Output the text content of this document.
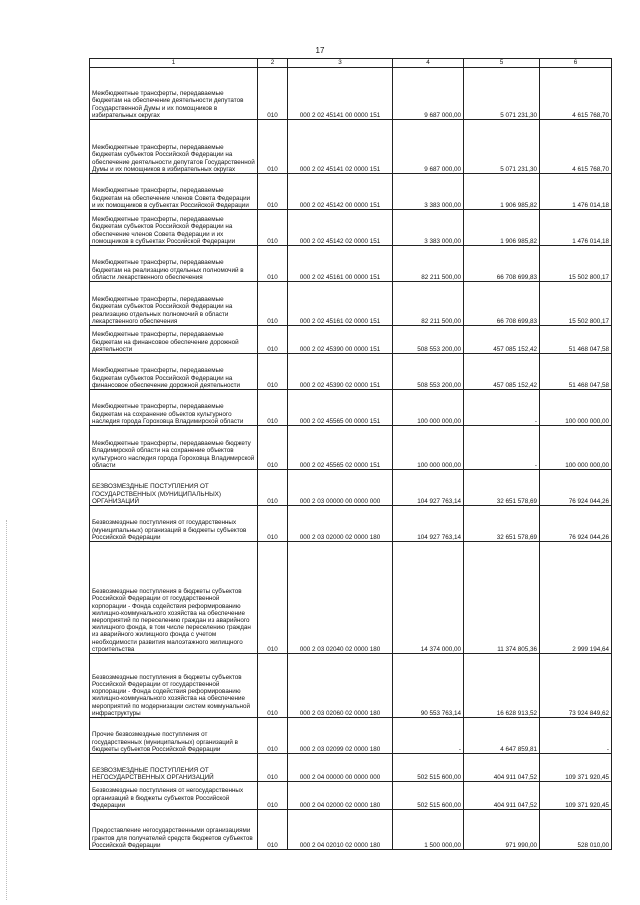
17
1	2	3	4	5	6
Межбюджетные трансферты, передаваемые бюджетам на обеспечение деятельности депутатов Государственной Думы и их помощников в избирательных округах	010	000 2 02 45141 00 0000 151	9 687 000,00	5 071 231,30	4 615 768,70
Межбюджетные трансферты, передаваемые бюджетам субъектов Российской Федерации на обеспечение деятельности депутатов Государственной Думы и их помощников в избирательных округах	010	000 2 02 45141 02 0000 151	9 687 000,00	5 071 231,30	4 615 768,70
Межбюджетные трансферты, передаваемые бюджетам на обеспечение членов Совета Федерации и их помощников в субъектах Российской Федерации	010	000 2 02 45142 00 0000 151	3 383 000,00	1 906 985,82	1 476 014,18
Межбюджетные трансферты, передаваемые бюджетам субъектов Российской Федерации на обеспечение членов Совета Федерации и их помощников в субъектах Российской Федерации	010	000 2 02 45142 02 0000 151	3 383 000,00	1 906 985,82	1 476 014,18
Межбюджетные трансферты, передаваемые бюджетам на реализацию отдельных полномочий в области лекарственного обеспечения	010	000 2 02 45161 00 0000 151	82 211 500,00	66 708 699,83	15 502 800,17
Межбюджетные трансферты, передаваемые бюджетам субъектов Российской Федерации на реализацию отдельных полномочий в области лекарственного обеспечения	010	000 2 02 45161 02 0000 151	82 211 500,00	66 708 699,83	15 502 800,17
Межбюджетные трансферты, передаваемые бюджетам на финансовое обеспечение дорожной деятельности	010	000 2 02 45390 00 0000 151	508 553 200,00	457 085 152,42	51 468 047,58
Межбюджетные трансферты, передаваемые бюджетам субъектов Российской Федерации на финансовое обеспечение дорожной деятельности	010	000 2 02 45390 02 0000 151	508 553 200,00	457 085 152,42	51 468 047,58
Межбюджетные трансферты, передаваемые бюджетам на сохранение объектов культурного наследия города Гороховца Владимирской области	010	000 2 02 45565 00 0000 151	100 000 000,00	-	100 000 000,00
Межбюджетные трансферты, передаваемые бюджету Владимирской области на сохранение объектов культурного наследия города Гороховца Владимирской области	010	000 2 02 45565 02 0000 151	100 000 000,00	-	100 000 000,00
БЕЗВОЗМЕЗДНЫЕ ПОСТУПЛЕНИЯ ОТ ГОСУДАРСТВЕННЫХ (МУНИЦИПАЛЬНЫХ) ОРГАНИЗАЦИЙ	010	000 2 03 00000 00 0000 000	104 927 763,14	32 651 578,69	76 924 044,26
Безвозмездные поступления от государственных (муниципальных) организаций в бюджеты субъектов Российской Федерации	010	000 2 03 02000 02 0000 180	104 927 763,14	32 651 578,69	76 924 044,26
Безвозмездные поступления в бюджеты субъектов Российской Федерации от государственной корпорации - Фонда содействия реформированию жилищно-коммунального хозяйства на обеспечение мероприятий по переселению граждан из аварийного жилищного фонда, в том числе переселению граждан из аварийного жилищного фонда с учетом необходимости развития малоэтажного жилищного строительства	010	000 2 03 02040 02 0000 180	14 374 000,00	11 374 805,36	2 999 194,64
Безвозмездные поступления в бюджеты субъектов Российской Федерации от государственной корпорации - Фонда содействия реформированию жилищно-коммунального хозяйства на обеспечение мероприятий по модернизации систем коммунальной инфраструктуры	010	000 2 03 02060 02 0000 180	90 553 763,14	16 628 913,52	73 924 849,62
Прочие безвозмездные поступления от государственных (муниципальных) организаций в бюджеты субъектов Российской Федерации	010	000 2 03 02099 02 0000 180	-	4 647 859,81	-
БЕЗВОЗМЕЗДНЫЕ ПОСТУПЛЕНИЯ ОТ НЕГОСУДАРСТВЕННЫХ ОРГАНИЗАЦИЙ	010	000 2 04 00000 00 0000 000	502 515 600,00	404 911 047,52	109 371 920,45
Безвозмездные поступления от негосударственных организаций в бюджеты субъектов Российской Федерации	010	000 2 04 02000 02 0000 180	502 515 600,00	404 911 047,52	109 371 920,45
Предоставление негосударственными организациями грантов для получателей средств бюджетов субъектов Российской Федерации	010	000 2 04 02010 02 0000 180	1 500 000,00	971 990,00	528 010,00
